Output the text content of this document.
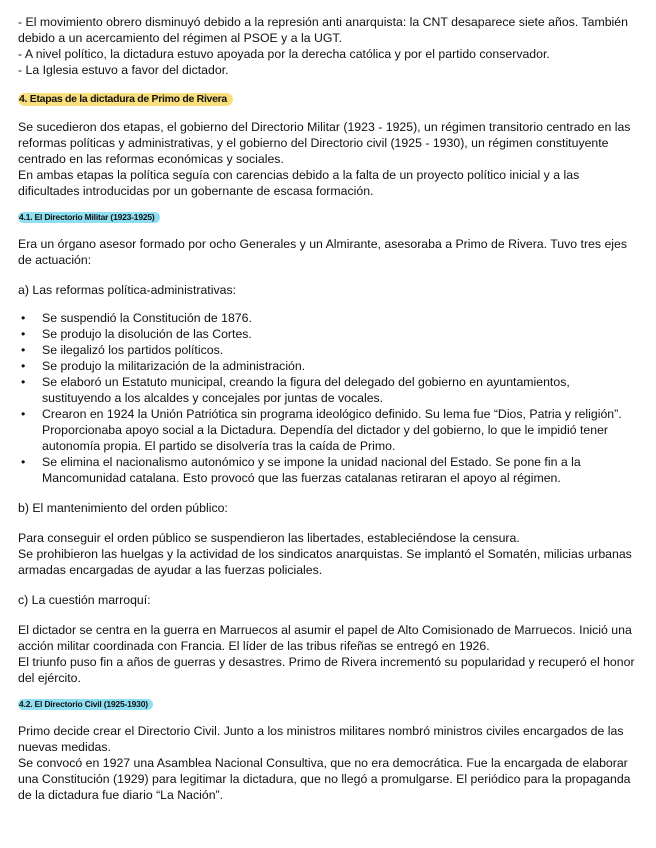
- El movimiento obrero disminuyó debido a la represión anti anarquista: la CNT desaparece siete años. También debido a un acercamiento del régimen al PSOE y a la UGT.

- A nivel político, la dictadura estuvo apoyada por la derecha católica y por el partido conservador.

- La Iglesia estuvo a favor del dictador.

4. Etapas de la dictadura de Primo de Rivera

Se sucedieron dos etapas, el gobierno del Directorio Militar (1923 - 1925), un régimen transitorio centrado en las reformas políticas y administrativas, y el gobierno del Directorio civil (1925 - 1930), un régimen constituyente centrado en las reformas económicas y sociales.

En ambas etapas la política seguía con carencias debido a la falta de un proyecto político inicial y a las dificultades introducidas por un gobernante de escasa formación.

4.1. El Directorio Militar (1923-1925)

Era un órgano asesor formado por ocho Generales y un Almirante, asesoraba a Primo de Rivera. Tuvo tres ejes de actuación:

a) Las reformas política-administrativas:

• Se suspendió la Constitución de 1876.
• Se produjo la disolución de las Cortes.
• Se ilegalizó los partidos políticos.
• Se produjo la militarización de la administración.
• Se elaboró un Estatuto municipal, creando la figura del delegado del gobierno en ayuntamientos, sustituyendo a los alcaldes y concejales por juntas de vocales.
• Crearon en 1924 la Unión Patriótica sin programa ideológico definido. Su lema fue “Dios, Patria y religión”. Proporcionaba apoyo social a la Dictadura. Dependía del dictador y del gobierno, lo que le impidió tener autonomía propia. El partido se disolvería tras la caída de Primo.
• Se elimina el nacionalismo autonómico y se impone la unidad nacional del Estado. Se pone fin a la Mancomunidad catalana. Esto provocó que las fuerzas catalanas retiraran el apoyo al régimen.

b) El mantenimiento del orden público:

Para conseguir el orden público se suspendieron las libertades, estableciéndose la censura.

Se prohibieron las huelgas y la actividad de los sindicatos anarquistas. Se implantó el Somatén, milicias urbanas armadas encargadas de ayudar a las fuerzas policiales.

c) La cuestión marroquí:

El dictador se centra en la guerra en Marruecos al asumir el papel de Alto Comisionado de Marruecos. Inició una acción militar coordinada con Francia. El líder de las tribus rifeñas se entregó en 1926.

El triunfo puso fin a años de guerras y desastres. Primo de Rivera incrementó su popularidad y recuperó el honor del ejército.

4.2. El Directorio Civil (1925-1930)

Primo decide crear el Directorio Civil. Junto a los ministros militares nombró ministros civiles encargados de las nuevas medidas.

Se convocó en 1927 una Asamblea Nacional Consultiva, que no era democrática. Fue la encargada de elaborar una Constitución (1929) para legitimar la dictadura, que no llegó a promulgarse. El periódico para la propaganda de la dictadura fue diario “La Nación”.
